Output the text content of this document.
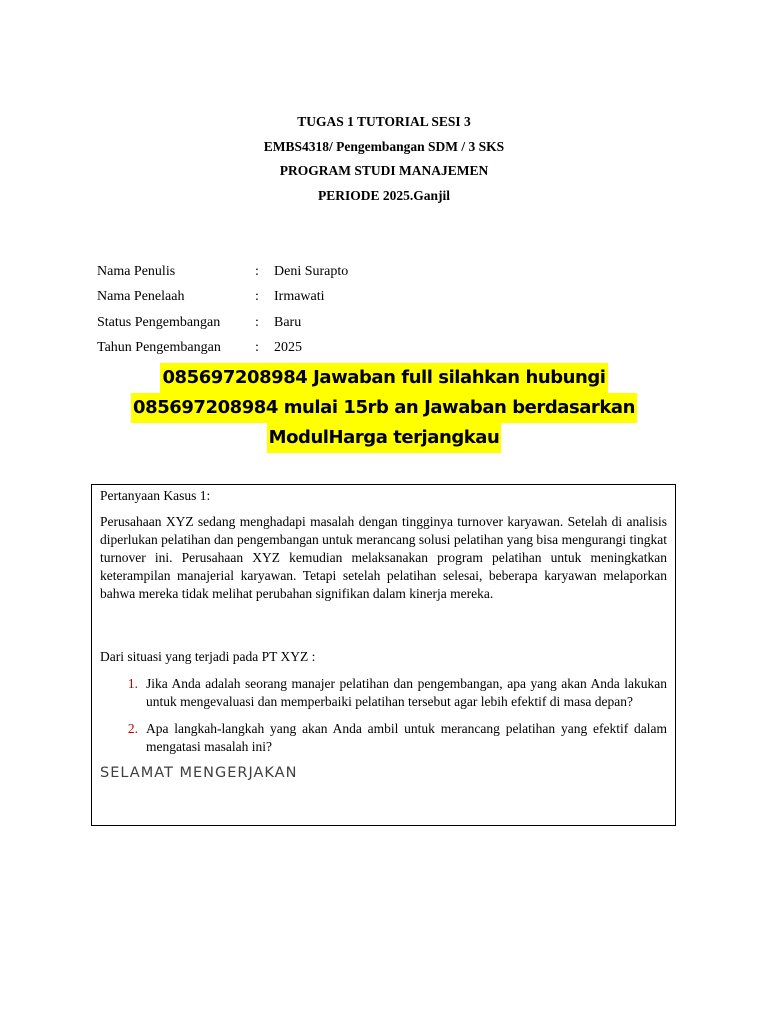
TUGAS 1 TUTORIAL SESI 3
EMBS4318/ Pengembangan SDM / 3 SKS
PROGRAM STUDI MANAJEMEN
PERIODE 2025.Ganjil
Nama Penulis	:	Deni Surapto
Nama Penelaah	:	Irmawati
Status Pengembangan	:	Baru
Tahun Pengembangan	:	2025
085697208984 Jawaban full silahkan hubungi
085697208984 mulai 15rb an Jawaban berdasarkan
ModulHarga terjangkau

Pertanyaan Kasus 1:

Perusahaan XYZ sedang menghadapi masalah dengan tingginya turnover karyawan. Setelah di analisis diperlukan pelatihan dan pengembangan untuk merancang solusi pelatihan yang bisa mengurangi tingkat turnover ini. Perusahaan XYZ kemudian melaksanakan program pelatihan untuk meningkatkan keterampilan manajerial karyawan. Tetapi setelah pelatihan selesai, beberapa karyawan melaporkan bahwa mereka tidak melihat perubahan signifikan dalam kinerja mereka.

Dari situasi yang terjadi pada PT XYZ :

1. Jika Anda adalah seorang manajer pelatihan dan pengembangan, apa yang akan Anda lakukan untuk mengevaluasi dan memperbaiki pelatihan tersebut agar lebih efektif di masa depan?
2. Apa langkah-langkah yang akan Anda ambil untuk merancang pelatihan yang efektif dalam mengatasi masalah ini?
SELAMAT MENGERJAKAN
